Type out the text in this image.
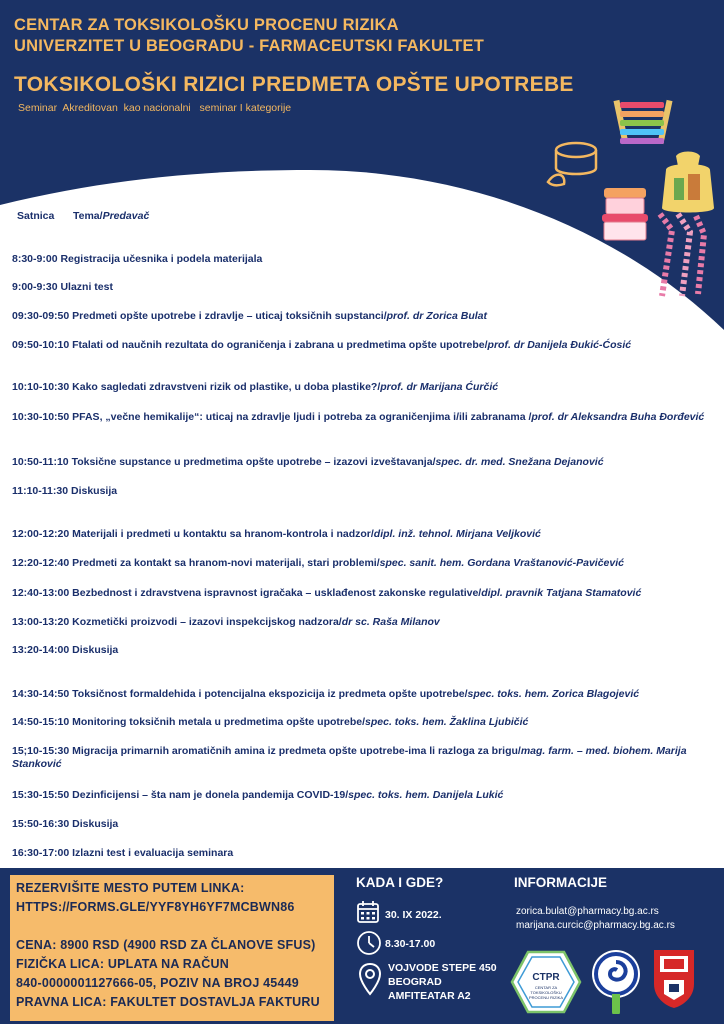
CENTAR ZA TOKSIKOLOŠKU PROCENU RIZIKA
UNIVERZITET U BEOGRADU - FARMACEUTSKI FAKULTET
TOKSIKOLOŠKI RIZICI PREDMETA OPŠTE UPOTREBE
Seminar  Akreditovan  kao nacionalni   seminar I kategorije
Satnica Tema/Predavač
8:30-9:00 Registracija učesnika i podela materijala
9:00-9:30 Ulazni test
09:30-09:50 Predmeti opšte upotrebe i zdravlje – uticaj toksičnih supstanci/prof. dr Zorica Bulat
09:50-10:10 Ftalati od naučnih rezultata do ograničenja i zabrana u predmetima opšte upotrebe/prof. dr Danijela Đukić-Ćosić
10:10-10:30 Kako sagledati zdravstveni rizik od plastike, u doba plastike?/prof. dr Marijana Ćurčić
10:30-10:50 PFAS, „večne hemikalije“: uticaj na zdravlje ljudi i potreba za ograničenjima i/ili zabranama /prof. dr Aleksandra Buha Đorđević
10:50-11:10 Toksične supstance u predmetima opšte upotrebe – izazovi izveštavanja/spec. dr. med. Snežana Dejanović
11:10-11:30 Diskusija
12:00-12:20 Materijali i predmeti u kontaktu sa hranom-kontrola i nadzor/dipl. inž. tehnol. Mirjana Veljković
12:20-12:40 Predmeti za kontakt sa hranom-novi materijali, stari problemi/spec. sanit. hem. Gordana Vraštanović-Pavičević
12:40-13:00 Bezbednost i zdravstvena ispravnost igračaka – usklađenost zakonske regulative/dipl. pravnik Tatjana Stamatović
13:00-13:20 Kozmetički proizvodi – izazovi inspekcijskog nadzora/dr sc. Raša Milanov
13:20-14:00 Diskusija
14:30-14:50 Toksičnost formaldehida i potencijalna ekspozicija iz predmeta opšte upotrebe/spec. toks. hem. Zorica Blagojević
14:50-15:10 Monitoring toksičnih metala u predmetima opšte upotrebe/spec. toks. hem. Žaklina Ljubičić
15;10-15:30 Migracija primarnih aromatičnih amina iz predmeta opšte upotrebe-ima li razloga za brigu/mag. farm. – med. biohem. Marija Stanković
15:30-15:50 Dezinficijensi – šta nam je donela pandemija COVID-19/spec. toks. hem. Danijela Lukić
15:50-16:30 Diskusija
16:30-17:00 Izlazni test i evaluacija seminara

REZERVIŠITE MESTO PUTEM LINKA:

HTTPS://FORMS.GLE/YYF8YH6YF7MCBWN86

CENA: 8900 RSD (4900 RSD ZA ČLANOVE SFUS)

FIZIČKA LICA: UPLATA NA RAČUN

840-0000001127666-05, POZIV NA BROJ 45449

PRAVNA LICA: FAKULTET DOSTAVLJA FAKTURU

KADA I GDE?
30. IX 2022.
8.30-17.00
VOJVODE STEPE 450
BEOGRAD
AMFITEATAR A2
INFORMACIJE
zorica.bulat@pharmacy.bg.ac.rs
marijana.curcic@pharmacy.bg.ac.rs
CTPR
CENTAR ZA
TOKSIKOLOŠKU
PROCENU RIZIKA
